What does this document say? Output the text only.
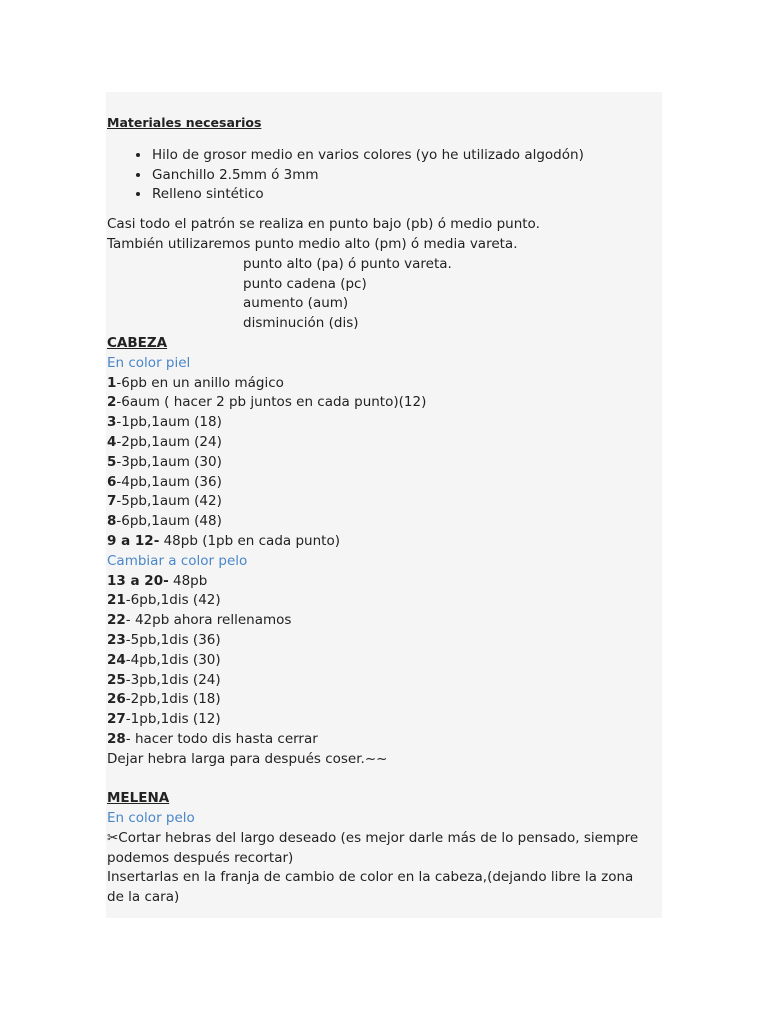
Materiales necesarios
• Hilo de grosor medio en varios colores (yo he utilizado algodón)
• Ganchillo 2.5mm ó 3mm
• Relleno sintético
Casi todo el patrón se realiza en punto bajo (pb) ó medio punto.
También utilizaremos punto medio alto (pm) ó media vareta.
punto alto (pa) ó punto vareta.
punto cadena (pc)
aumento (aum)
disminución (dis)
CABEZA
En color piel
1-6pb en un anillo mágico
2-6aum ( hacer 2 pb juntos en cada punto)(12)
3-1pb,1aum (18)
4-2pb,1aum (24)
5-3pb,1aum (30)
6-4pb,1aum (36)
7-5pb,1aum (42)
8-6pb,1aum (48)
9 a 12- 48pb (1pb en cada punto)
Cambiar a color pelo
13 a 20- 48pb
21-6pb,1dis (42)
22- 42pb ahora rellenamos
23-5pb,1dis (36)
24-4pb,1dis (30)
25-3pb,1dis (24)
26-2pb,1dis (18)
27-1pb,1dis (12)
28- hacer todo dis hasta cerrar
Dejar hebra larga para después coser.~~
MELENA
En color pelo
✂Cortar hebras del largo deseado (es mejor darle más de lo pensado, siempre podemos después recortar)
Insertarlas en la franja de cambio de color en la cabeza,(dejando libre la zona de la cara)
